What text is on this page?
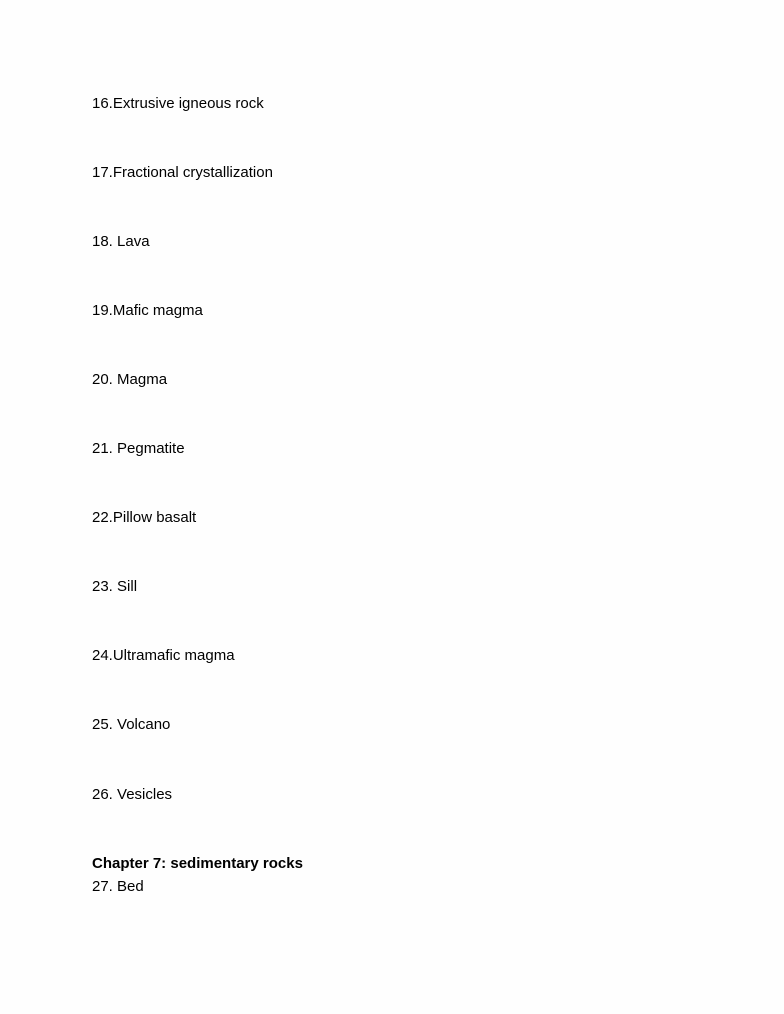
16.Extrusive igneous rock
17.Fractional crystallization
18. Lava
19.Mafic magma
20. Magma
21. Pegmatite
22.Pillow basalt
23. Sill
24.Ultramafic magma
25. Volcano
26. Vesicles
Chapter 7: sedimentary rocks
27. Bed
